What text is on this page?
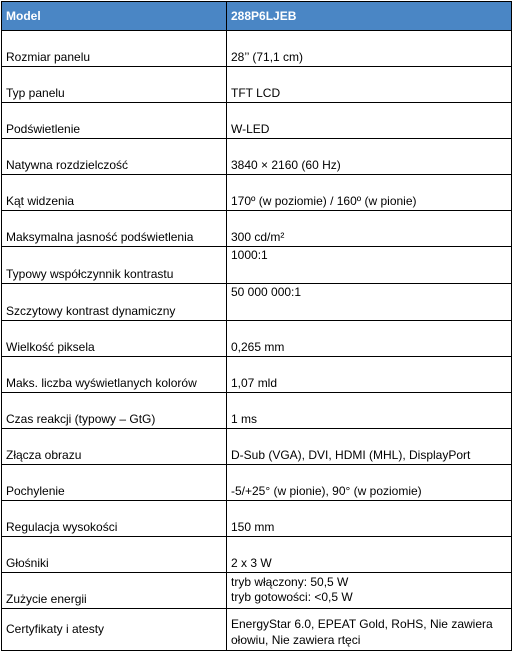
Model	288P6LJEB
Rozmiar panelu	28’’ (71,1 cm)
Typ panelu	TFT LCD
Podświetlenie	W-LED
Natywna rozdzielczość	3840 × 2160 (60 Hz)
Kąt widzenia	170º (w poziomie) / 160º (w pionie)
Maksymalna jasność podświetlenia	300 cd/m²
Typowy współczynnik kontrastu	1000:1
Szczytowy kontrast dynamiczny	50 000 000:1
Wielkość piksela	0,265 mm
Maks. liczba wyświetlanych kolorów	1,07 mld
Czas reakcji (typowy – GtG)	1 ms
Złącza obrazu	D-Sub (VGA), DVI, HDMI (MHL), DisplayPort
Pochylenie	-5/+25° (w pionie), 90° (w poziomie)
Regulacja wysokości	150 mm
Głośniki	2 x 3 W
Zużycie energii	tryb włączony: 50,5 W
tryb gotowości: <0,5 W

Certyfikaty i atesty	EnergyStar 6.0, EPEAT Gold, RoHS, Nie zawiera ołowiu, Nie zawiera rtęci
